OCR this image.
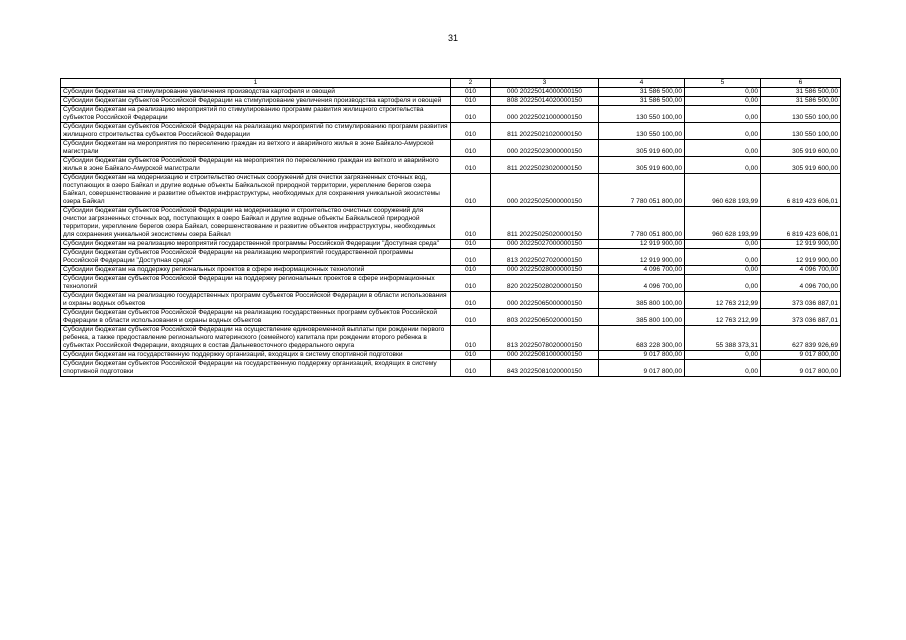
31
1	2	3	4	5	6
Субсидии бюджетам на стимулирование увеличения производства картофеля и овощей	010	000 20225014000000150	31 586 500,00	0,00	31 586 500,00
Субсидии бюджетам субъектов Российской Федерации на стимулирование увеличения производства картофеля и овощей	010	808 20225014020000150	31 586 500,00	0,00	31 586 500,00
Субсидии бюджетам на реализацию мероприятий по стимулированию программ развития жилищного строительства субъектов Российской Федерации	010	000 20225021000000150	130 550 100,00	0,00	130 550 100,00
Субсидии бюджетам субъектов Российской Федерации на реализацию мероприятий по стимулированию программ развития жилищного строительства субъектов Российской Федерации	010	811 20225021020000150	130 550 100,00	0,00	130 550 100,00
Субсидии бюджетам на мероприятия по переселению граждан из ветхого и аварийного жилья в зоне Байкало-Амурской магистрали	010	000 20225023000000150	305 919 600,00	0,00	305 919 600,00
Субсидии бюджетам субъектов Российской Федерации на мероприятия по переселению граждан из ветхого и аварийного жилья в зоне Байкало-Амурской магистрали	010	811 20225023020000150	305 919 600,00	0,00	305 919 600,00
Субсидии бюджетам на модернизацию и строительство очистных сооружений для очистки загрязненных сточных вод, поступающих в озеро Байкал и другие водные объекты Байкальской природной территории, укрепление берегов озера Байкал, совершенствование и развитие объектов инфраструктуры, необходимых для сохранения уникальной экосистемы озера Байкал	010	000 20225025000000150	7 780 051 800,00	960 628 193,99	6 819 423 606,01
Субсидии бюджетам субъектов Российской Федерации на модернизацию и строительство очистных сооружений для очистки загрязненных сточных вод, поступающих в озеро Байкал и другие водные объекты Байкальской природной территории, укрепление берегов озера Байкал, совершенствование и развитие объектов инфраструктуры, необходимых для сохранения уникальной экосистемы озера Байкал	010	811 20225025020000150	7 780 051 800,00	960 628 193,99	6 819 423 606,01
Субсидии бюджетам на реализацию мероприятий государственной программы Российской Федерации "Доступная среда"	010	000 20225027000000150	12 919 900,00	0,00	12 919 900,00
Субсидии бюджетам субъектов Российской Федерации на реализацию мероприятий государственной программы Российской Федерации "Доступная среда"	010	813 20225027020000150	12 919 900,00	0,00	12 919 900,00
Субсидии бюджетам на поддержку региональных проектов в сфере информационных технологий	010	000 20225028000000150	4 096 700,00	0,00	4 096 700,00
Субсидии бюджетам субъектов Российской Федерации на поддержку региональных проектов в сфере информационных технологий	010	820 20225028020000150	4 096 700,00	0,00	4 096 700,00
Субсидии бюджетам на реализацию государственных программ субъектов Российской Федерации в области использования и охраны водных объектов	010	000 20225065000000150	385 800 100,00	12 763 212,99	373 036 887,01
Субсидии бюджетам субъектов Российской Федерации на реализацию государственных программ субъектов Российской Федерации в области использования и охраны водных объектов	010	803 20225065020000150	385 800 100,00	12 763 212,99	373 036 887,01
Субсидии бюджетам субъектов Российской Федерации на осуществление единовременной выплаты при рождении первого ребенка, а также предоставление регионального материнского (семейного) капитала при рождении второго ребенка в субъектах Российской Федерации, входящих в состав Дальневосточного федерального округа	010	813 20225078020000150	683 228 300,00	55 388 373,31	627 839 926,69
Субсидии бюджетам на государственную поддержку организаций, входящих в систему спортивной подготовки	010	000 20225081000000150	9 017 800,00	0,00	9 017 800,00
Субсидии бюджетам субъектов Российской Федерации на государственную поддержку организаций, входящих в систему спортивной подготовки	010	843 20225081020000150	9 017 800,00	0,00	9 017 800,00
